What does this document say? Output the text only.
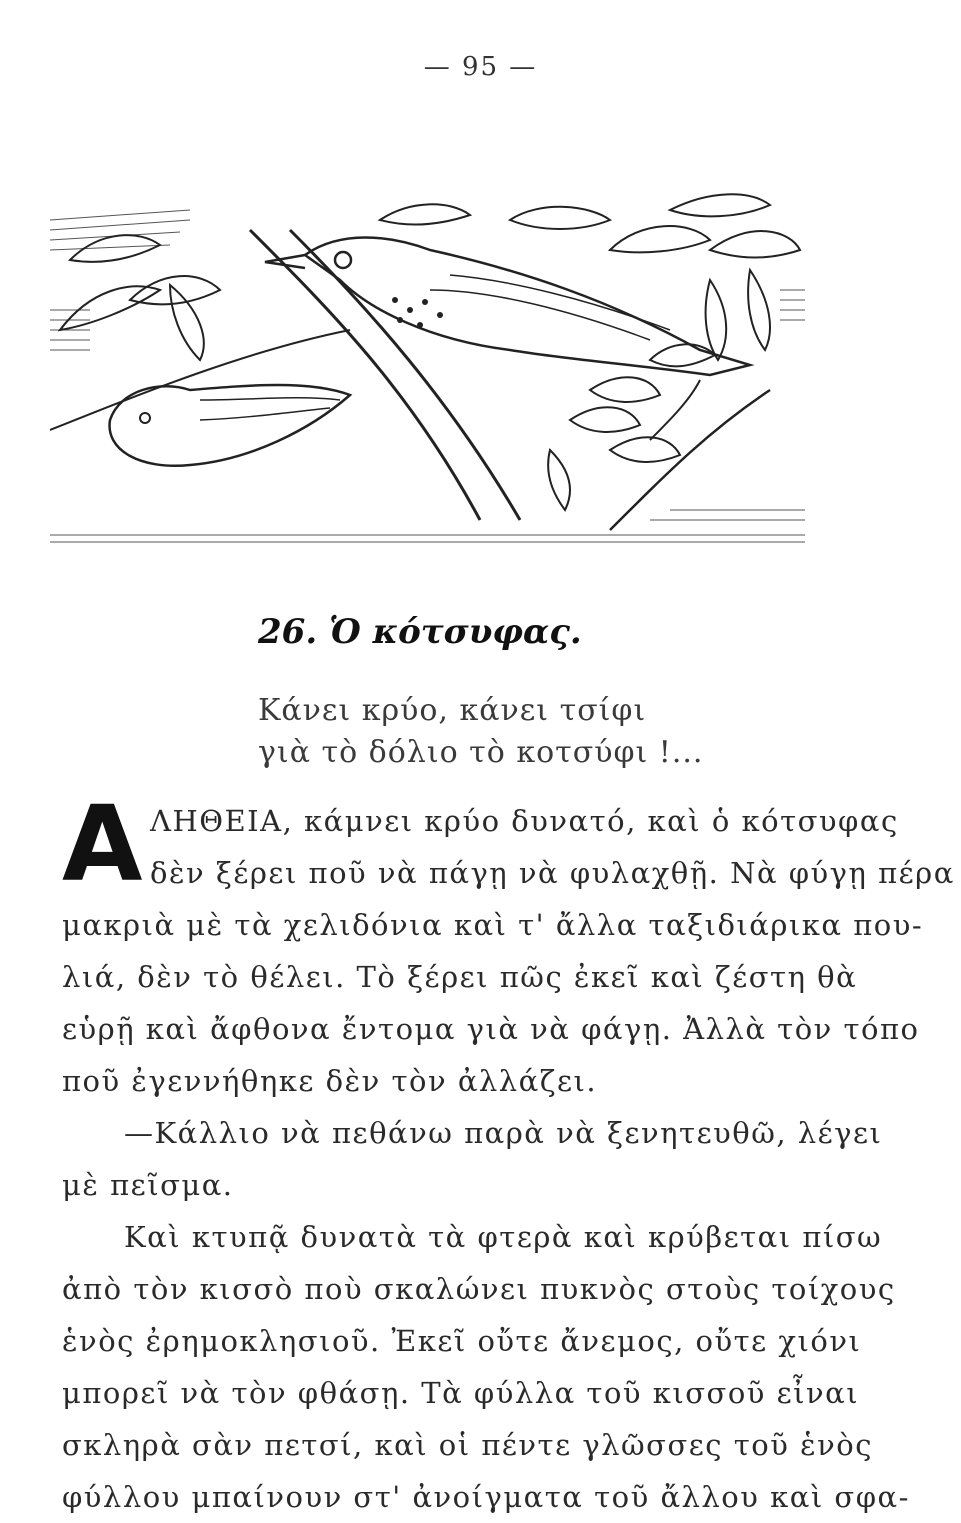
— 95 —
26. Ὁ κότσυφας.
Κάνει κρύο, κάνει τσίφι
γιὰ τὸ δόλιο τὸ κοτσύφι !...
Α ΛΗΘΕΙΑ, κάμνει κρύο δυνατό, καὶ ὁ κότσυφας

δὲν ξέρει ποῦ νὰ πάγῃ νὰ φυλαχθῇ. Νὰ φύγῃ πέρα

μακριὰ μὲ τὰ χελιδόνια καὶ τ' ἄλλα ταξιδιάρικα που-

λιά, δὲν τὸ θέλει. Τὸ ξέρει πῶς ἐκεῖ καὶ ζέστη θὰ

εὑρῇ καὶ ἄφθονα ἔντομα γιὰ νὰ φάγῃ. Ἀλλὰ τὸν τόπο

ποῦ ἐγεννήθηκε δὲν τὸν ἀλλάζει.

—Κάλλιο νὰ πεθάνω παρὰ νὰ ξενητευθῶ, λέγει

μὲ πεῖσμα.

Καὶ κτυπᾷ δυνατὰ τὰ φτερὰ καὶ κρύβεται πίσω

ἀπὸ τὸν κισσὸ ποὺ σκαλώνει πυκνὸς στοὺς τοίχους

ἑνὸς ἐρημοκλησιοῦ. Ἐκεῖ οὔτε ἄνεμος, οὔτε χιόνι

μπορεῖ νὰ τὸν φθάσῃ. Τὰ φύλλα τοῦ κισσοῦ εἶναι

σκληρὰ σὰν πετσί, καὶ οἱ πέντε γλῶσσες τοῦ ἑνὸς

φύλλου μπαίνουν στ' ἀνοίγματα τοῦ ἄλλου καὶ σφα-
